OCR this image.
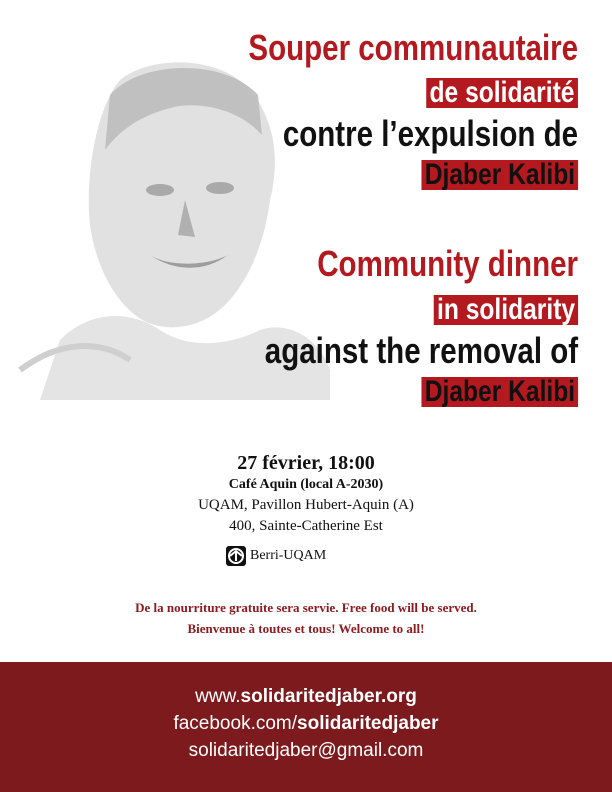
Souper communautaire
de solidarité
contre l’expulsion de
Djaber Kalibi
Community dinner
in solidarity
against the removal of
Djaber Kalibi
27 février, 18:00
Café Aquin (local A-2030)
UQAM, Pavillon Hubert-Aquin (A)
400, Sainte-Catherine Est
Berri-UQAM
De la nourriture gratuite sera servie. Free food will be served.
Bienvenue à toutes et tous! Welcome to all!
www.solidaritedjaber.org
facebook.com/solidaritedjaber
solidaritedjaber@gmail.com
